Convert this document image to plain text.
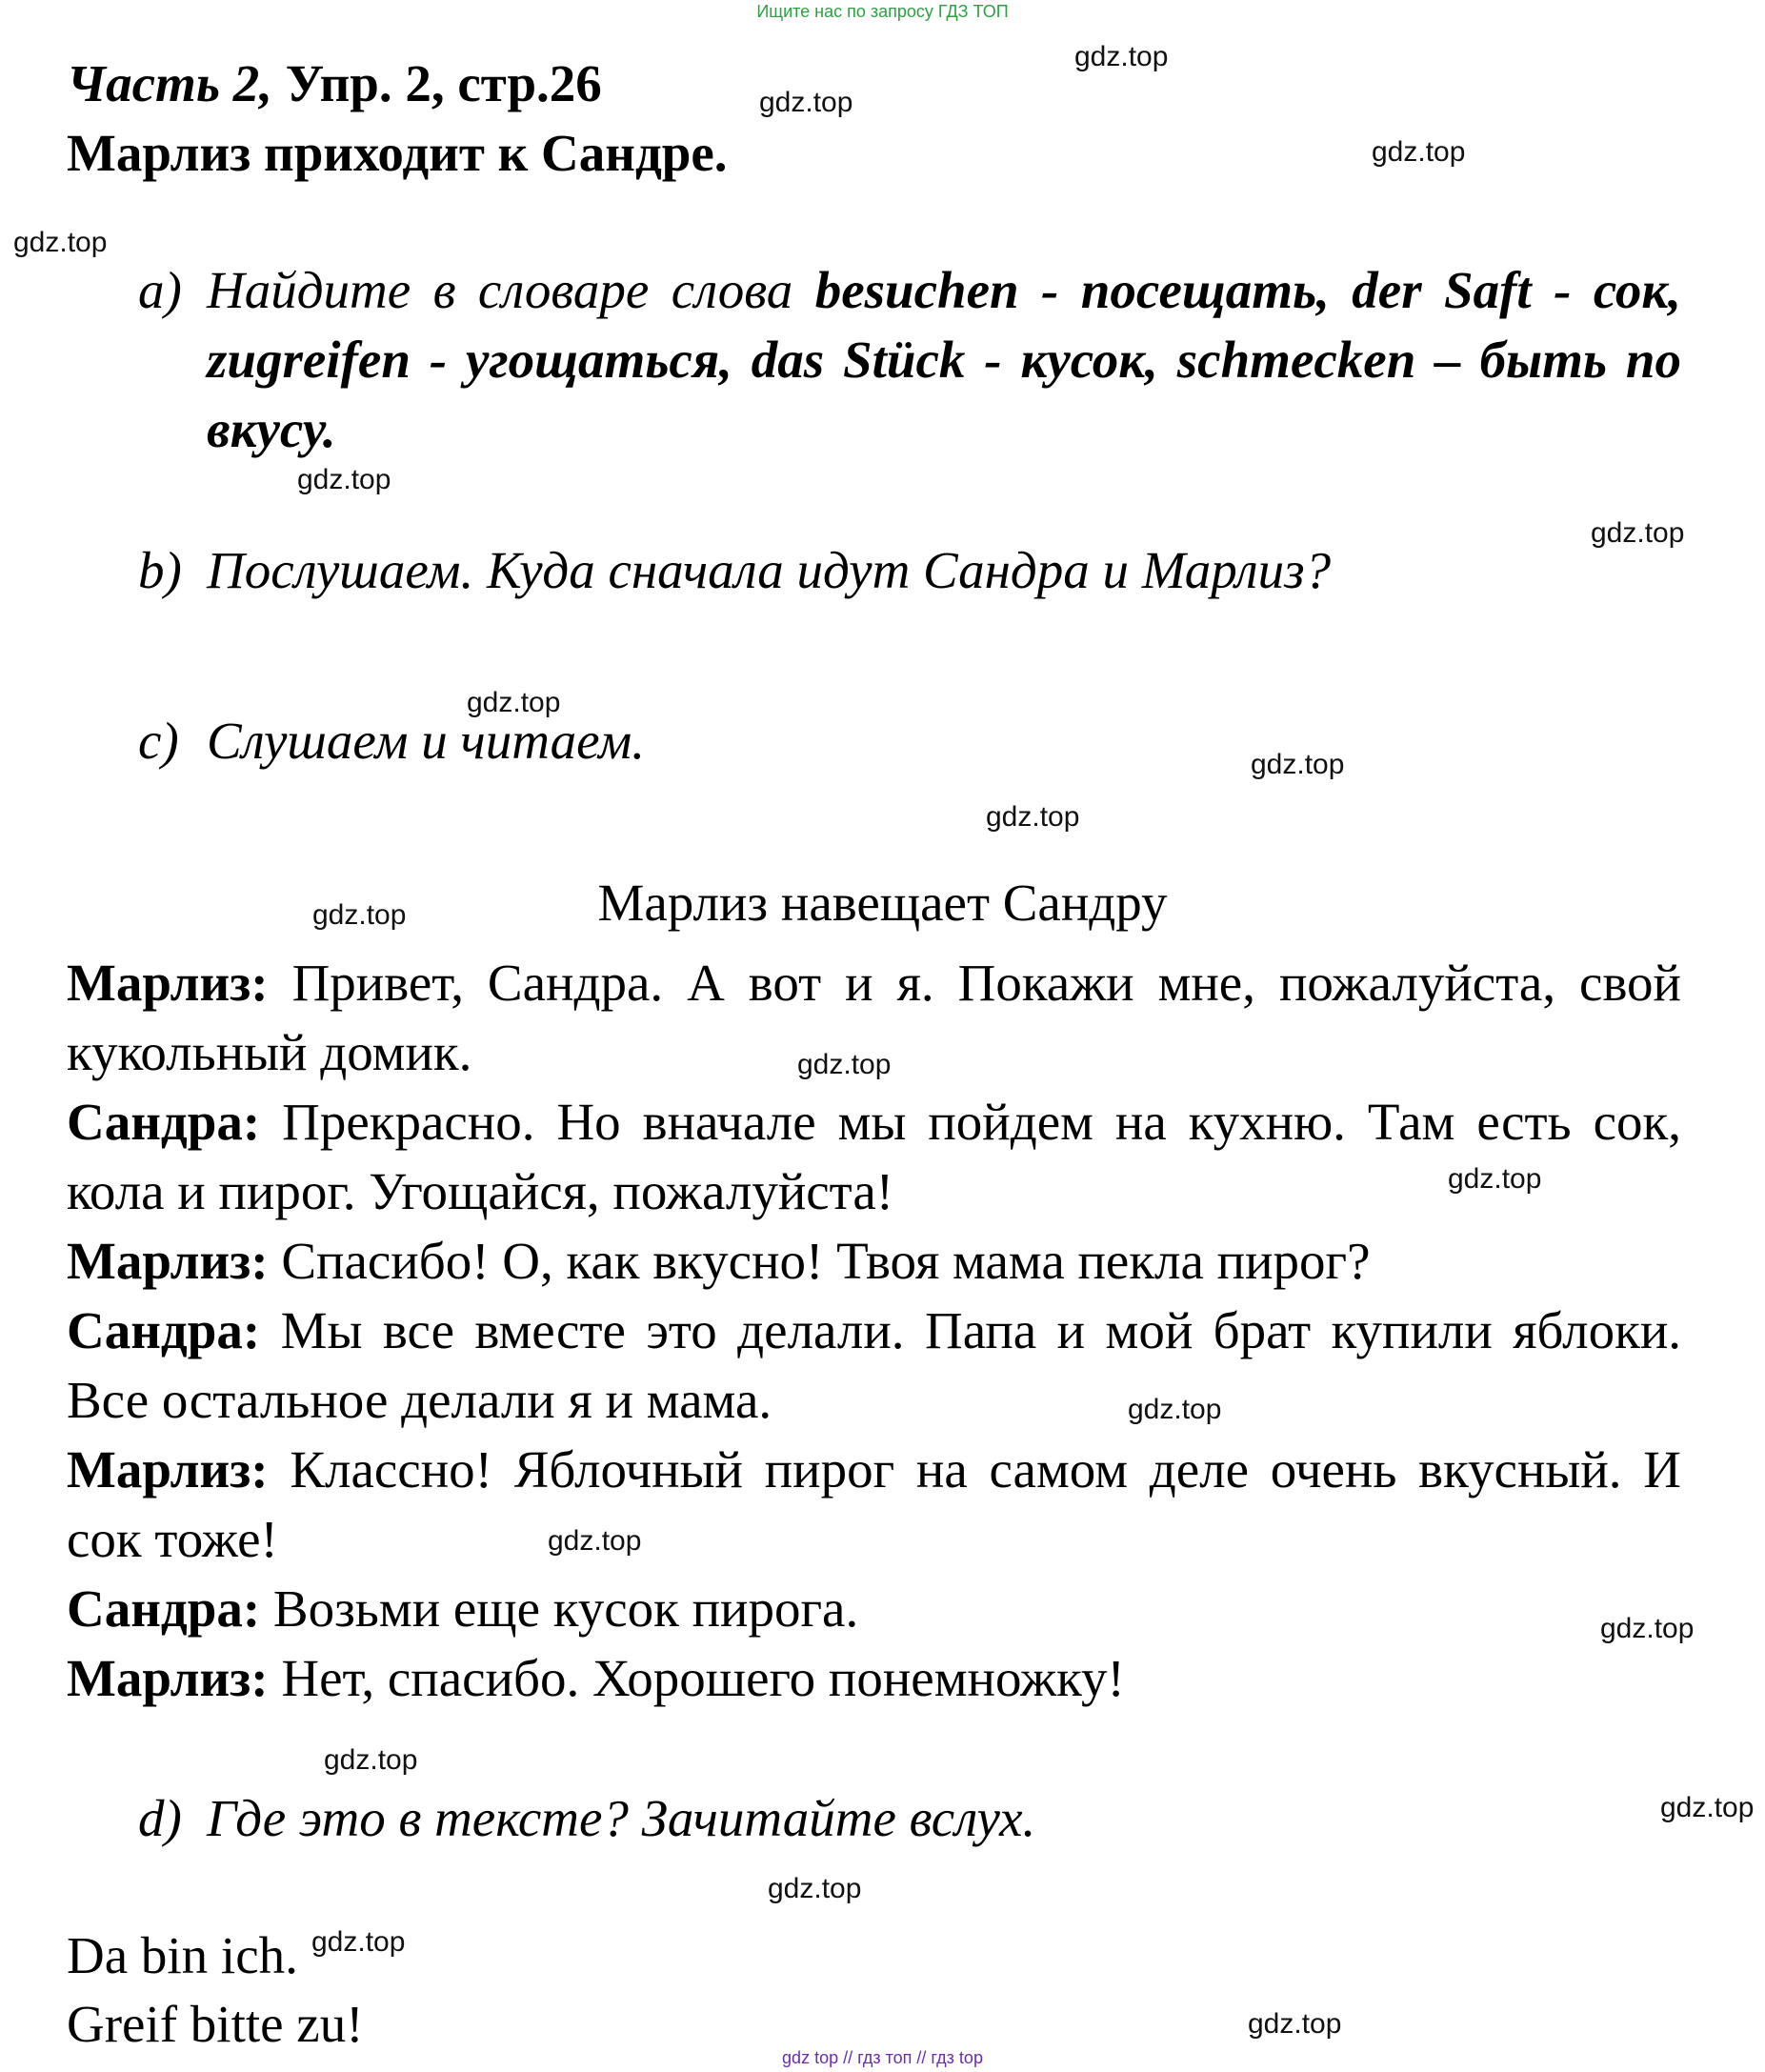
Ищите нас по запросу ГДЗ ТОП
Часть 2, Упр. 2, стр.26
Марлиз приходит к Сандре.
a) Найдите в словаре слова besuchen - посещать, der Saft - сок, zugreifen - угощаться, das Stück - кусок, schmecken – быть по вкусу.
b) Послушаем. Куда сначала идут Сандра и Марлиз?
c) Слушаем и читаем.
Марлиз навещает Сандру

Марлиз: Привет, Сандра. А вот и я. Покажи мне, пожалуйста, свой кукольный домик.

Сандра: Прекрасно. Но вначале мы пойдем на кухню. Там есть сок, кола и пирог. Угощайся, пожалуйста!

Марлиз: Спасибо! О, как вкусно! Твоя мама пекла пирог?

Сандра: Мы все вместе это делали. Папа и мой брат купили яблоки. Все остальное делали я и мама.

Марлиз: Классно! Яблочный пирог на самом деле очень вкусный. И сок тоже!

Сандра: Возьми еще кусок пирога.

Марлиз: Нет, спасибо. Хорошего понемножку!

d) Где это в тексте? Зачитайте вслух.
Da bin ich.
Greif bitte zu!
gdz.top
gdz.top
gdz.top
gdz.top
gdz.top
gdz.top
gdz.top
gdz.top
gdz.top
gdz.top
gdz.top
gdz.top
gdz.top
gdz.top
gdz.top
gdz.top
gdz.top
gdz.top
gdz.top
gdz.top
gdz top // гдз топ // гдз top
